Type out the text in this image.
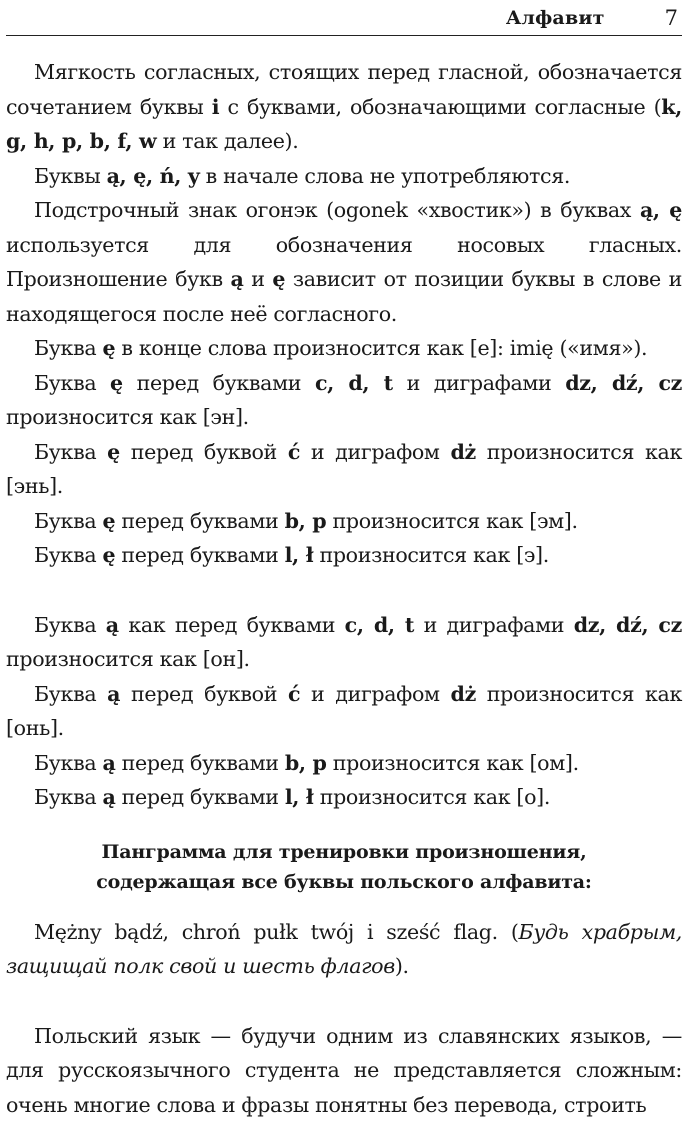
Алфавит	7

Мягкость согласных, стоящих перед гласной, обозначается сочетанием буквы i с буквами, обозначающими согласные (k, g, h, p, b, f, w и так далее).

Буквы ą, ę, ń, y в начале слова не употребляются.

Подстрочный знак огонэк (ogonek «хвостик») в буквах ą, ę используется для обозначения носовых гласных. Произношение букв ą и ę зависит от позиции буквы в слове и находящегося после неё согласного.

Буква ę в конце слова произносится как [е]: imię («имя»).

Буква ę перед буквами c, d, t и диграфами dz, dź, cz произносится как [эн].

Буква ę перед буквой ć и диграфом dż произносится как [энь].

Буква ę перед буквами b, p произносится как [эм].

Буква ę перед буквами l, ł произносится как [э].

Буква ą как перед буквами c, d, t и диграфами dz, dź, cz произносится как [он].

Буква ą перед буквой ć и диграфом dż произносится как [онь].

Буква ą перед буквами b, p произносится как [ом].

Буква ą перед буквами l, ł произносится как [о].

Панграмма для тренировки произношения,
содержащая все буквы польского алфавита:

Mężny bądź, chroń pułk twój i sześć flag. (Будь храбрым, защищай полк свой и шесть флагов).

Польский язык — будучи одним из славянских языков, — для русскоязычного студента не представляется сложным: очень многие слова и фразы понятны без перевода, строить
